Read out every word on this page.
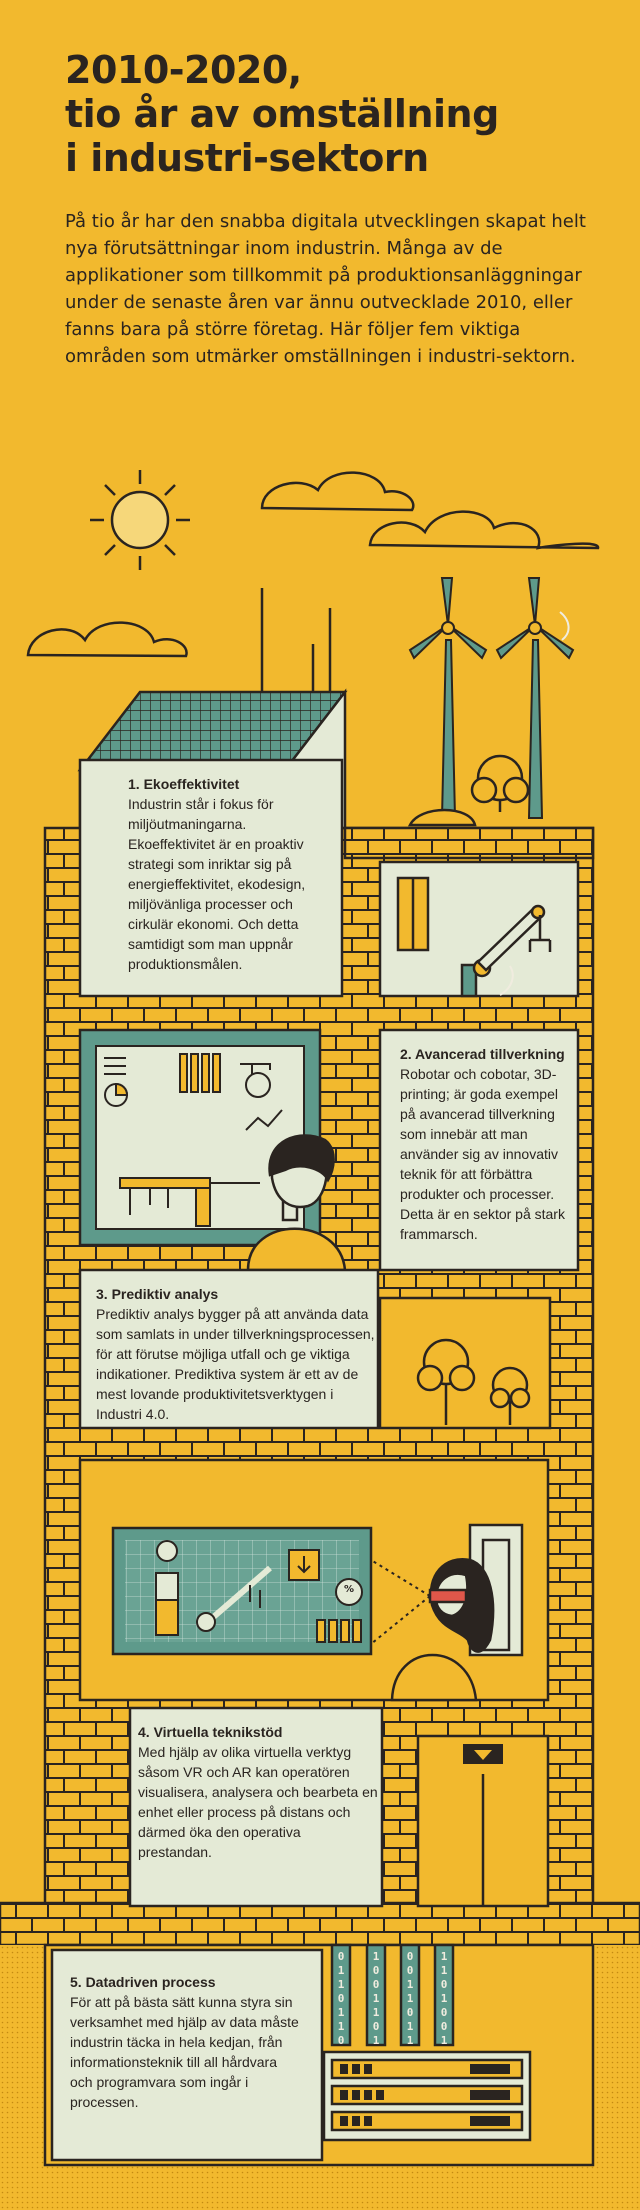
%
0
1
1
0
1
1
0
1
0
0
1
1
0
1
0
0
1
1
0
1
1
1
1
0
1
0
0
1
2010-2020,
tio år av omställning
i industri-sektorn

På tio år har den snabba digitala utvecklingen skapat helt nya förutsättningar inom industrin. Många av de applikationer som tillkommit på produktionsanläggningar under de senaste åren var ännu outvecklade 2010, eller fanns bara på större företag. Här följer fem viktiga områden som utmärker omställningen i industri-sektorn.

1. Ekoeffektivitet

Industrin står i fokus för miljöutmaningarna. Ekoeffektivitet är en proaktiv strategi som inriktar sig på energieffektivitet, ekodesign, miljövänliga processer och cirkulär ekonomi. Och detta samtidigt som man uppnår produktionsmålen.

2. Avancerad tillverkning

Robotar och cobotar, 3D-printing; är goda exempel på avancerad tillverkning som innebär att man använder sig av innovativ teknik för att förbättra produkter och processer. Detta är en sektor på stark frammarsch.

3. Prediktiv analys

Prediktiv analys bygger på att använda data som samlats in under tillverkningsprocessen, för att förutse möjliga utfall och ge viktiga indikationer. Prediktiva system är ett av de mest lovande produktivitetsverktygen i Industri 4.0.

4. Virtuella teknikstöd

Med hjälp av olika virtuella verktyg såsom VR och AR kan operatören visualisera, analysera och bearbeta en enhet eller process på distans och därmed öka den operativa prestandan.

5. Datadriven process

För att på bästa sätt kunna styra sin verksamhet med hjälp av data måste industrin täcka in hela kedjan, från informationsteknik till all hårdvara och programvara som ingår i processen.
